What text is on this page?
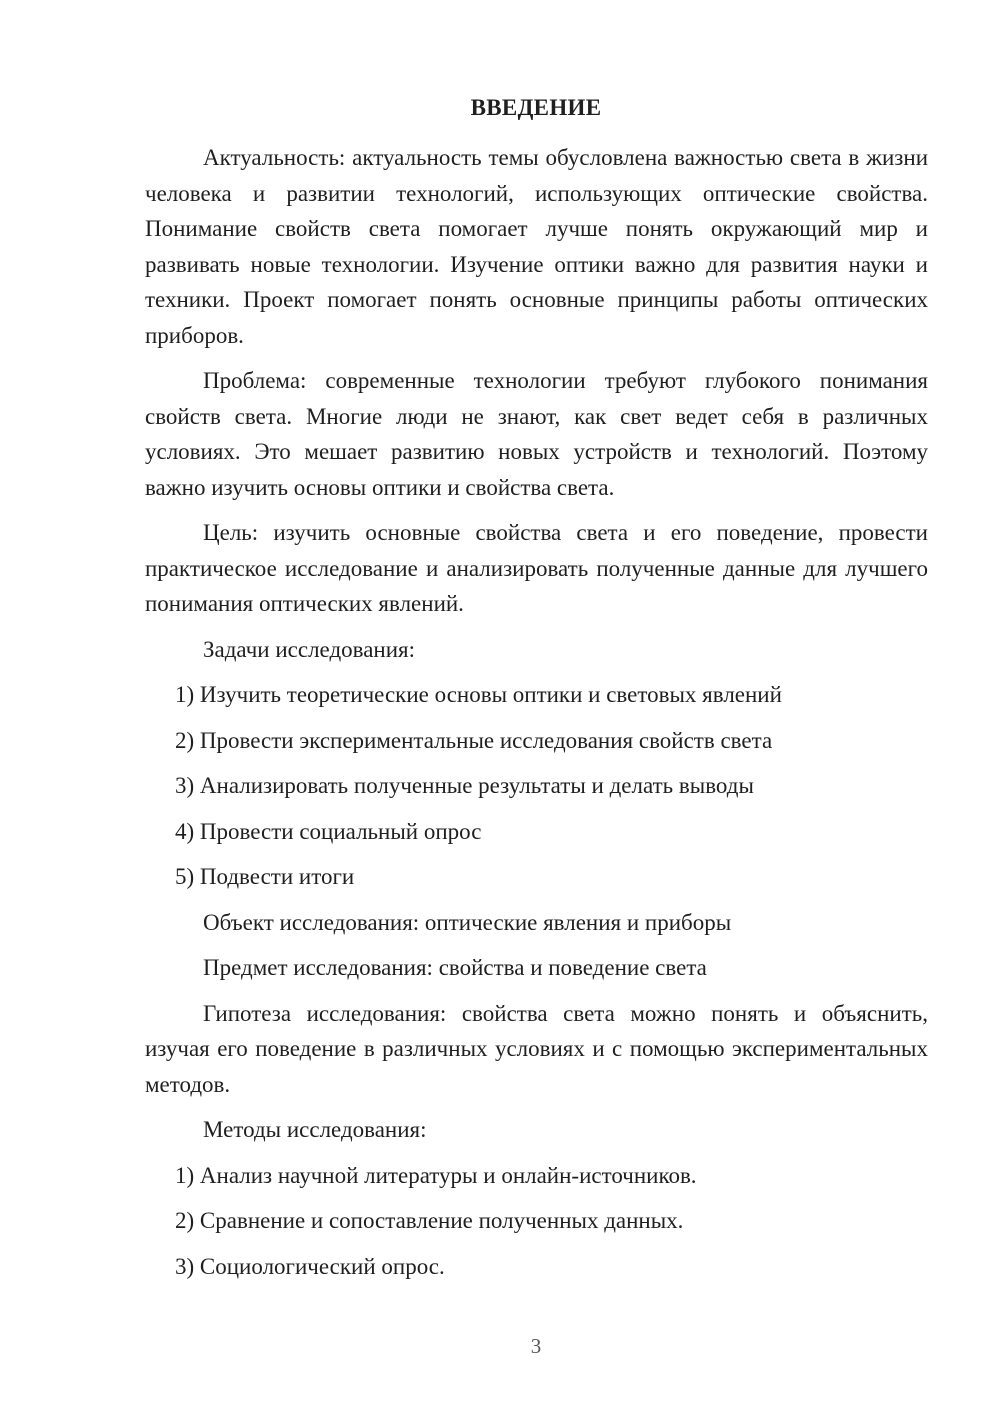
ВВЕДЕНИЕ

Актуальность: актуальность темы обусловлена важностью света в жизни человека и развитии технологий, использующих оптические свойства. Понимание свойств света помогает лучше понять окружающий мир и развивать новые технологии. Изучение оптики важно для развития науки и техники. Проект помогает понять основные принципы работы оптических приборов.

Проблема: современные технологии требуют глубокого понимания свойств света. Многие люди не знают, как свет ведет себя в различных условиях. Это мешает развитию новых устройств и технологий. Поэтому важно изучить основы оптики и свойства света.

Цель: изучить основные свойства света и его поведение, провести практическое исследование и анализировать полученные данные для лучшего понимания оптических явлений.

Задачи исследования:

1) Изучить теоретические основы оптики и световых явлений

2) Провести экспериментальные исследования свойств света

3) Анализировать полученные результаты и делать выводы

4) Провести социальный опрос

5) Подвести итоги

Объект исследования: оптические явления и приборы

Предмет исследования: свойства и поведение света

Гипотеза исследования: свойства света можно понять и объяснить, изучая его поведение в различных условиях и с помощью экспериментальных методов.

Методы исследования:

1) Анализ научной литературы и онлайн-источников.

2) Сравнение и сопоставление полученных данных.

3) Социологический опрос.

3
